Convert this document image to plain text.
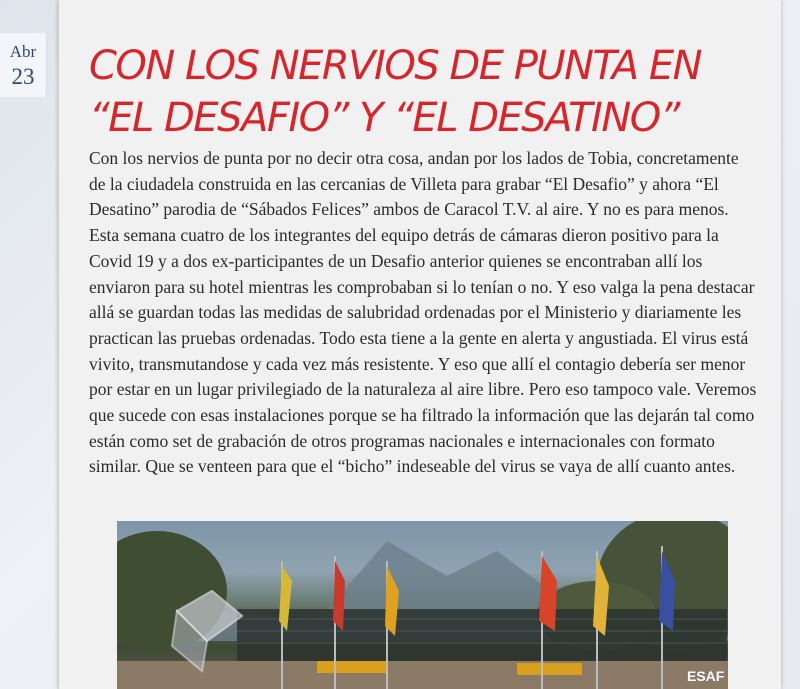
Abr
23 CON LOS NERVIOS DE PUNTA EN “EL DESAFIO” Y “EL DESATINO”

Con los nervios de punta por no decir otra cosa, andan por los lados de Tobia, concretamente de la ciudadela construida en las cercanias de Villeta para grabar “El Desafio” y ahora “El Desatino” parodia de “Sábados Felices” ambos de Caracol T.V. al aire. Y no es para menos. Esta semana cuatro de los integrantes del equipo detrás de cámaras dieron positivo para la Covid 19 y a dos ex-participantes de un Desafio anterior quienes se encontraban allí los enviaron para su hotel mientras les comprobaban si lo tenían o no. Y eso valga la pena destacar allá se guardan todas las medidas de salubridad ordenadas por el Ministerio y diariamente les practican las pruebas ordenadas. Todo esta tiene a la gente en alerta y angustiada. El virus está vivito, transmutandose y cada vez más resistente. Y eso que allí el contagio debería ser menor por estar en un lugar privilegiado de la naturaleza al aire libre. Pero eso tampoco vale. Veremos que sucede con esas instalaciones porque se ha filtrado la información que las dejarán tal como están como set de grabación de otros programas nacionales e internacionales con formato similar. Que se venteen para que el “bicho” indeseable del virus se vaya de allí cuanto antes.

ESAF
